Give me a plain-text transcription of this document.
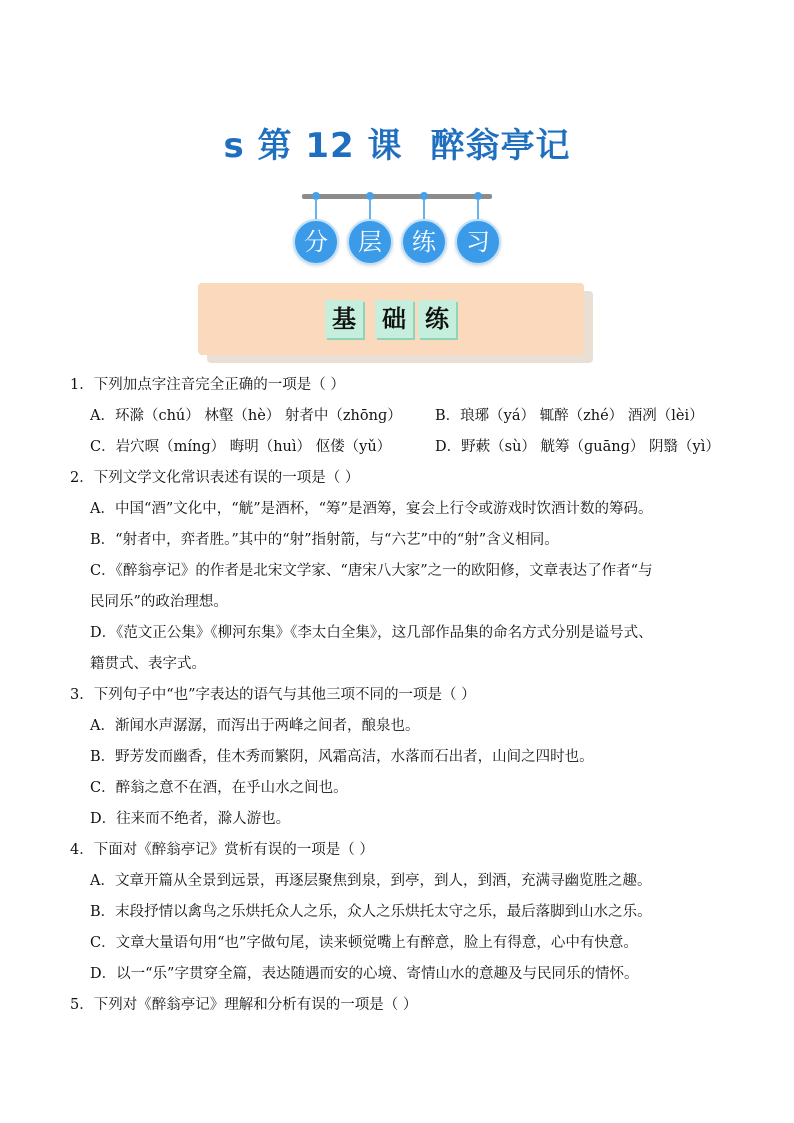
s 第 12 课 醉翁亭记
分	层	练	习
基 础 练

1．下列加点字注音完全正确的一项是（ ）

A．环滁（chú） 林壑（hè） 射者中（zhōnɡ） B．琅琊（yá） 辄醉（zhé） 酒冽（lèi）
C．岩穴暝（mínɡ） 晦明（huì） 伛偻（yǔ）	D．野蔌（sù） 觥筹（ɡuānɡ） 阴翳（yì）

2．下列文学文化常识表述有误的一项是（ ）

A．中国“酒”文化中，“觥”是酒杯，“筹”是酒筹，宴会上行令或游戏时饮酒计数的筹码。

B．“射者中，弈者胜。”其中的“射”指射箭，与“六艺”中的“射”含义相同。

C．《醉翁亭记》的作者是北宋文学家、“唐宋八大家”之一的欧阳修，文章表达了作者“与

民同乐”的政治理想。

D．《范文正公集》《柳河东集》《李太白全集》，这几部作品集的命名方式分别是谥号式、

籍贯式、表字式。

3．下列句子中“也”字表达的语气与其他三项不同的一项是（ ）

A．渐闻水声潺潺，而泻出于两峰之间者，酿泉也。

B．野芳发而幽香，佳木秀而繁阴，风霜高洁，水落而石出者，山间之四时也。

C．醉翁之意不在酒，在乎山水之间也。

D．往来而不绝者，滁人游也。

4．下面对《醉翁亭记》赏析有误的一项是（ ）

A．文章开篇从全景到远景，再逐层聚焦到泉，到亭，到人，到酒，充满寻幽览胜之趣。

B．末段抒情以禽鸟之乐烘托众人之乐，众人之乐烘托太守之乐，最后落脚到山水之乐。

C．文章大量语句用“也”字做句尾，读来顿觉嘴上有醉意，脸上有得意，心中有快意。

D．以一“乐”字贯穿全篇，表达随遇而安的心境、寄情山水的意趣及与民同乐的情怀。

5．下列对《醉翁亭记》理解和分析有误的一项是（ ）
